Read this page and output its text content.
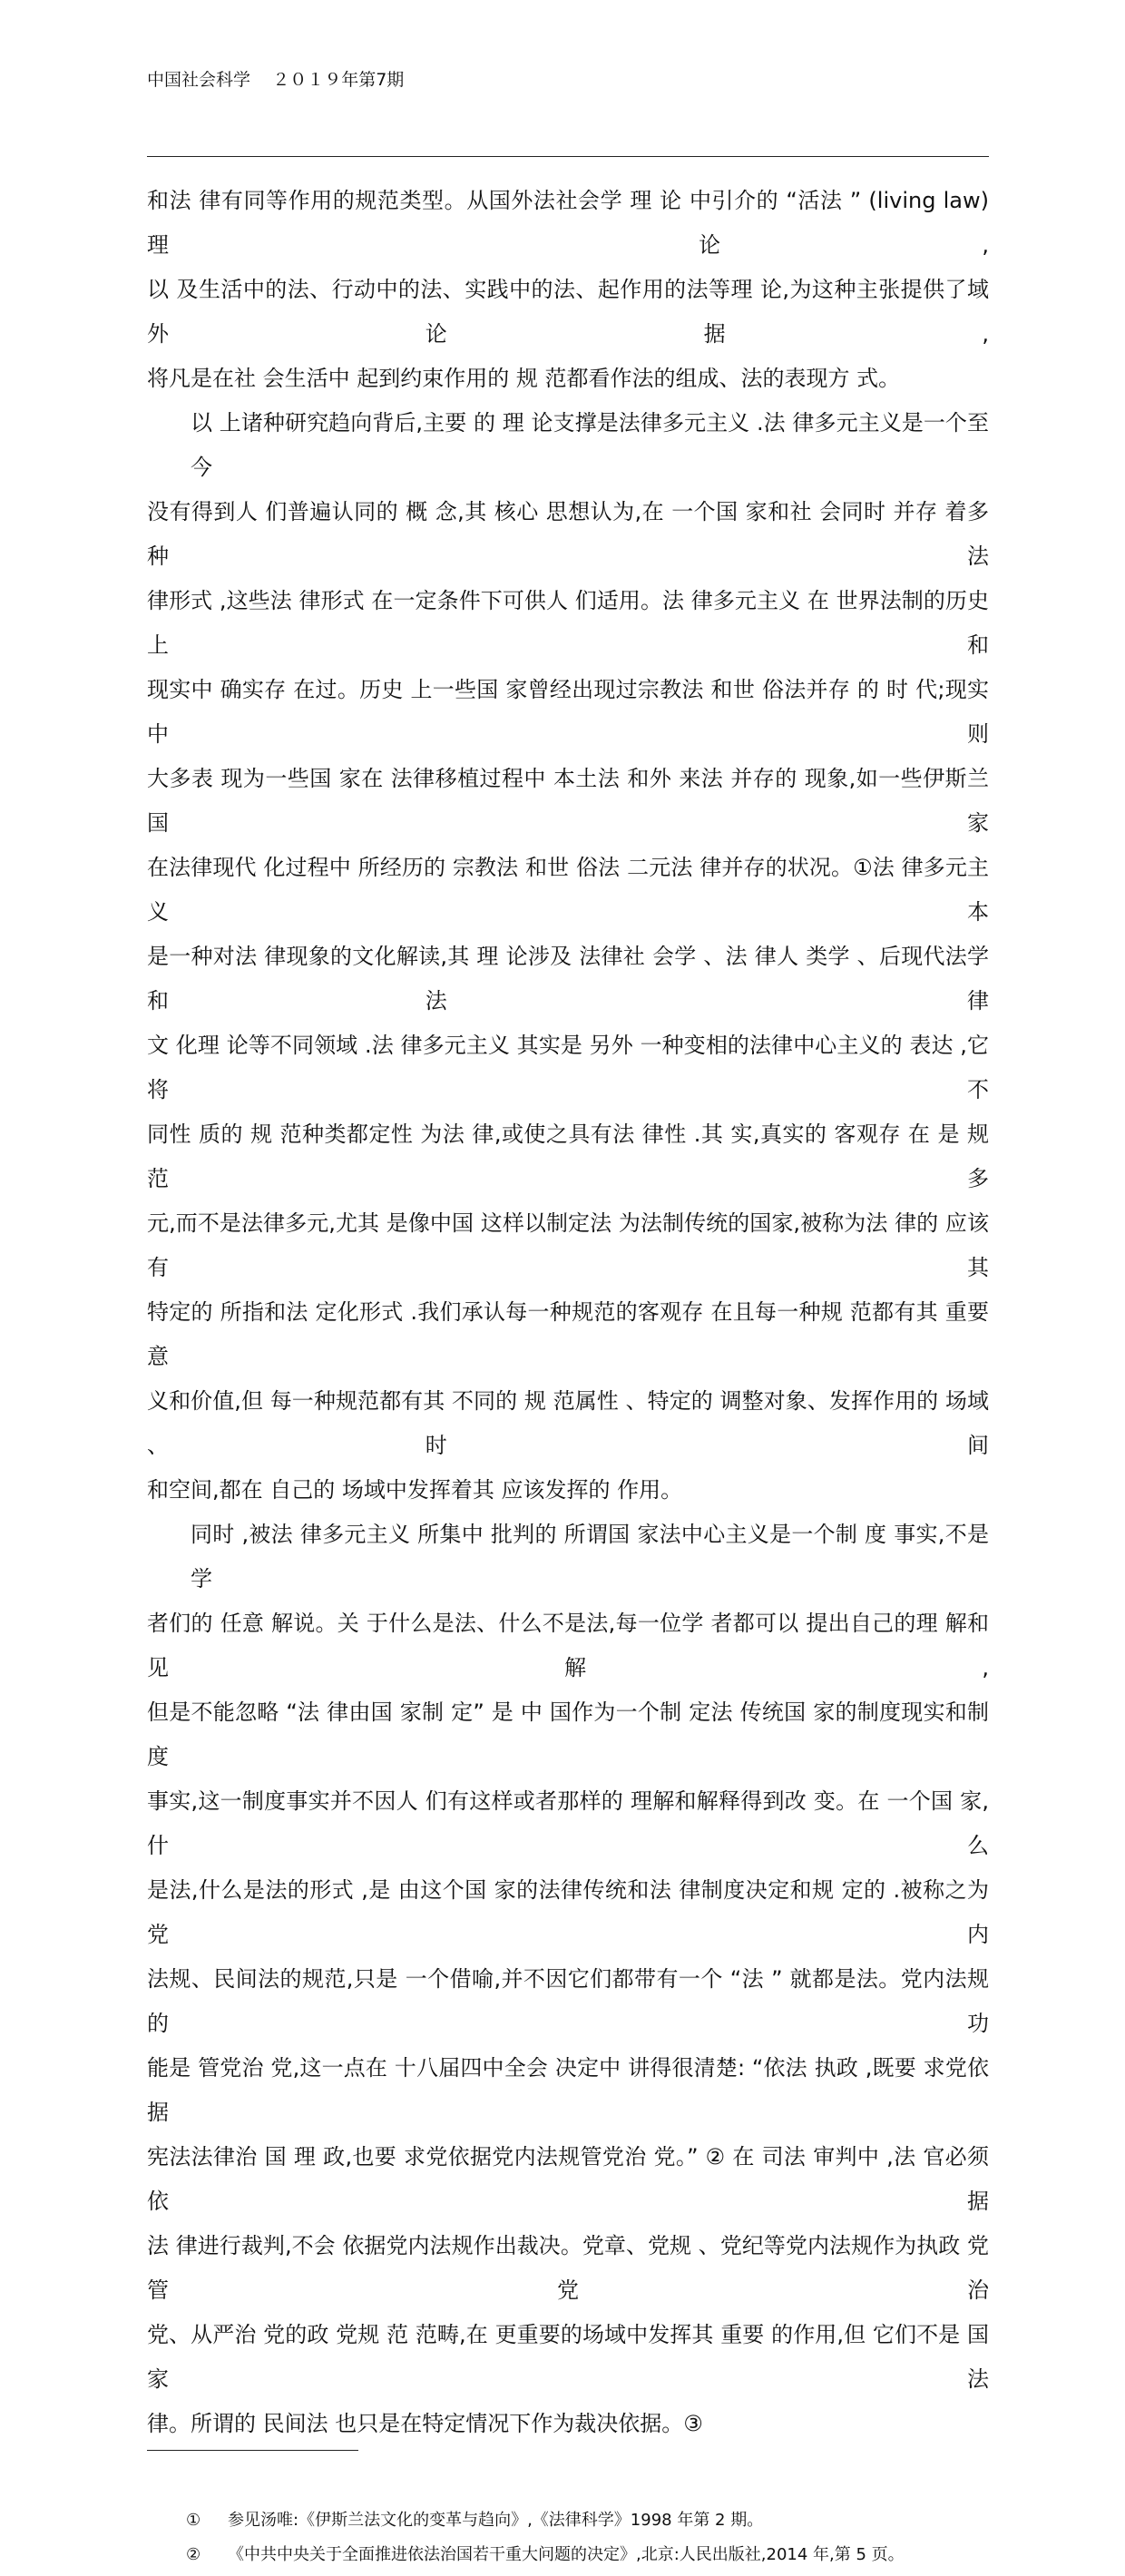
中国社会科学 ２０１９年第7期
和法 律有同等作用的规范类型。从国外法社会学 理 论 中引介的 “活法 ” (living law)理 论,
以 及生活中的法、行动中的法、实践中的法、起作用的法等理 论,为这种主张提供了域外论据,
将凡是在社 会生活中 起到约束作用的 规 范都看作法的组成、法的表现方 式。
以 上诸种研究趋向背后,主要 的 理 论支撑是法律多元主义 .法 律多元主义是一个至今
没有得到人 们普遍认同的 概 念,其 核心 思想认为,在 一个国 家和社 会同时 并存 着多种法
律形式 ,这些法 律形式 在一定条件下可供人 们适用。法 律多元主义 在 世界法制的历史 上和
现实中 确实存 在过。历史 上一些国 家曾经出现过宗教法 和世 俗法并存 的 时 代;现实中 则
大多表 现为一些国 家在 法律移植过程中 本土法 和外 来法 并存的 现象,如一些伊斯兰国 家
在法律现代 化过程中 所经历的 宗教法 和世 俗法 二元法 律并存的状况。①法 律多元主义本
是一种对法 律现象的文化解读,其 理 论涉及 法律社 会学 、法 律人 类学 、后现代法学和法 律
文 化理 论等不同领域 .法 律多元主义 其实是 另外 一种变相的法律中心主义的 表达 ,它将不
同性 质的 规 范种类都定性 为法 律,或使之具有法 律性 .其 实,真实的 客观存 在 是 规 范多
元,而不是法律多元,尤其 是像中国 这样以制定法 为法制传统的国家,被称为法 律的 应该有其
特定的 所指和法 定化形式 .我们承认每一种规范的客观存 在且每一种规 范都有其 重要 意
义和价值,但 每一种规范都有其 不同的 规 范属性 、特定的 调整对象、发挥作用的 场域 、时 间
和空间,都在 自己的 场域中发挥着其 应该发挥的 作用。
同时 ,被法 律多元主义 所集中 批判的 所谓国 家法中心主义是一个制 度 事实,不是学
者们的 任意 解说。关 于什么是法、什么不是法,每一位学 者都可以 提出自己的理 解和见解,
但是不能忽略 “法 律由国 家制 定” 是 中 国作为一个制 定法 传统国 家的制度现实和制度
事实,这一制度事实并不因人 们有这样或者那样的 理解和解释得到改 变。在 一个国 家,什么
是法,什么是法的形式 ,是 由这个国 家的法律传统和法 律制度决定和规 定的 .被称之为党内
法规、民间法的规范,只是 一个借喻,并不因它们都带有一个 “法 ” 就都是法。党内法规的功
能是 管党治 党,这一点在 十八届四中全会 决定中 讲得很清楚: “依法 执政 ,既要 求党依据
宪法法律治 国 理 政,也要 求党依据党内法规管党治 党。” ② 在 司法 审判中 ,法 官必须依据
法 律进行裁判,不会 依据党内法规作出裁决。党章、党规 、党纪等党内法规作为执政 党管党治
党、从严治 党的政 党规 范 范畴,在 更重要的场域中发挥其 重要 的作用,但 它们不是 国家法
律。所谓的 民间法 也只是在特定情况下作为裁决依据。③
① 参见汤唯:《伊斯兰法文化的变革与趋向》,《法律科学》1998 年第 2 期。
② 《中共中央关于全面推进依法治国若干重大问题的决定》,北京:人民出版社,2014 年,第 5 页。
